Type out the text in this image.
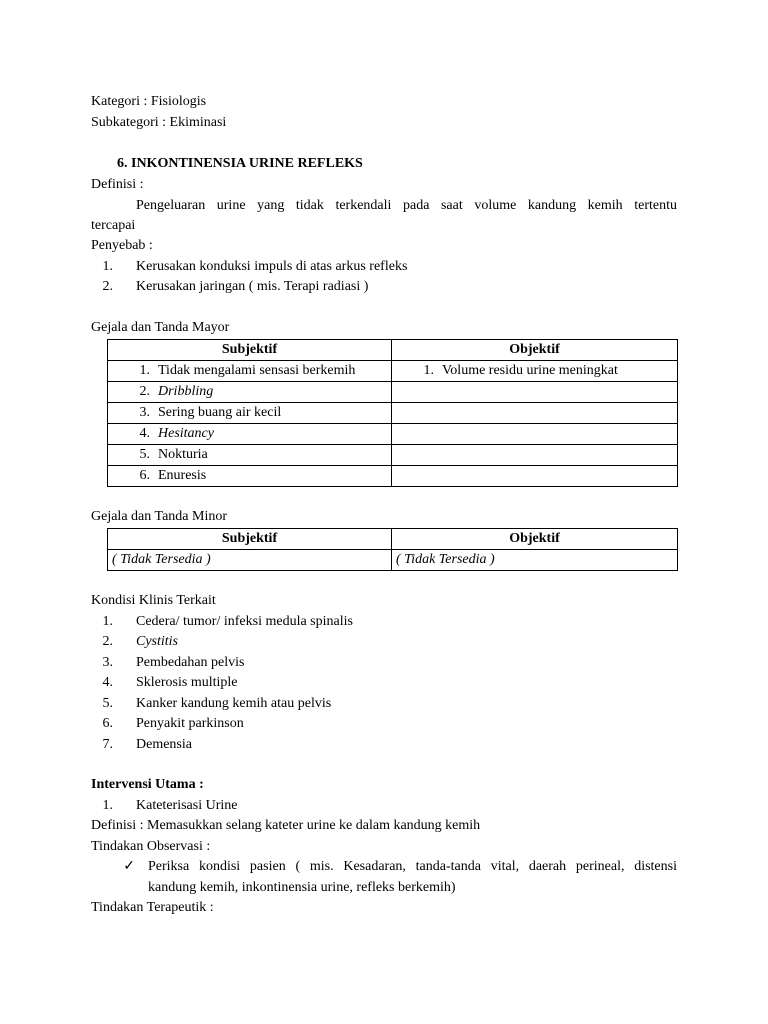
Kategori : Fisiologis
Subkategori : Ekiminasi
6. INKONTINENSIA URINE REFLEKS
Definisi :
Pengeluaran urine yang tidak terkendali pada saat volume kandung kemih tertentu
tercapai
Penyebab :
1. Kerusakan konduksi impuls di atas arkus refleks
2. Kerusakan jaringan ( mis. Terapi radiasi )
Gejala dan Tanda Mayor
Subjektif	Objektif
1. Tidak mengalami sensasi berkemih	1. Volume residu urine meningkat
2. Dribbling	
3. Sering buang air kecil	
4. Hesitancy	
5. Nokturia	
6. Enuresis	
Gejala dan Tanda Minor
Subjektif	Objektif
( Tidak Tersedia )	( Tidak Tersedia )
Kondisi Klinis Terkait
1. Cedera/ tumor/ infeksi medula spinalis
2. Cystitis
3. Pembedahan pelvis
4. Sklerosis multiple
5. Kanker kandung kemih atau pelvis
6. Penyakit parkinson
7. Demensia
Intervensi Utama :
1. Kateterisasi Urine
Definisi : Memasukkan selang kateter urine ke dalam kandung kemih
Tindakan Observasi :
✓ Periksa kondisi pasien ( mis. Kesadaran, tanda-tanda vital, daerah perineal, distensi
kandung kemih, inkontinensia urine, refleks berkemih)
Tindakan Terapeutik :
